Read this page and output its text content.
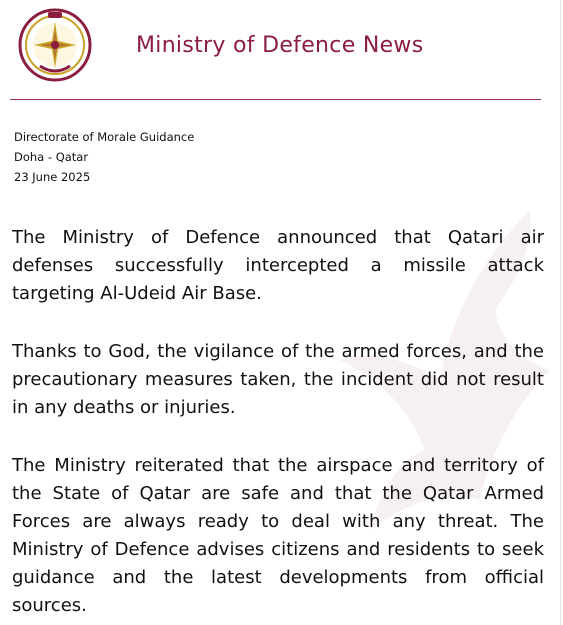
Ministry of Defence News
Directorate of Morale Guidance
Doha - Qatar
23 June 2025

The Ministry of Defence announced that Qatari air defenses successfully intercepted a missile attack targeting Al-Udeid Air Base.

Thanks to God, the vigilance of the armed forces, and the precautionary measures taken, the incident did not result in any deaths or injuries.

The Ministry reiterated that the airspace and territory of the State of Qatar are safe and that the Qatar Armed Forces are always ready to deal with any threat. The Ministry of Defence advises citizens and residents to seek guidance and the latest developments from official sources.
